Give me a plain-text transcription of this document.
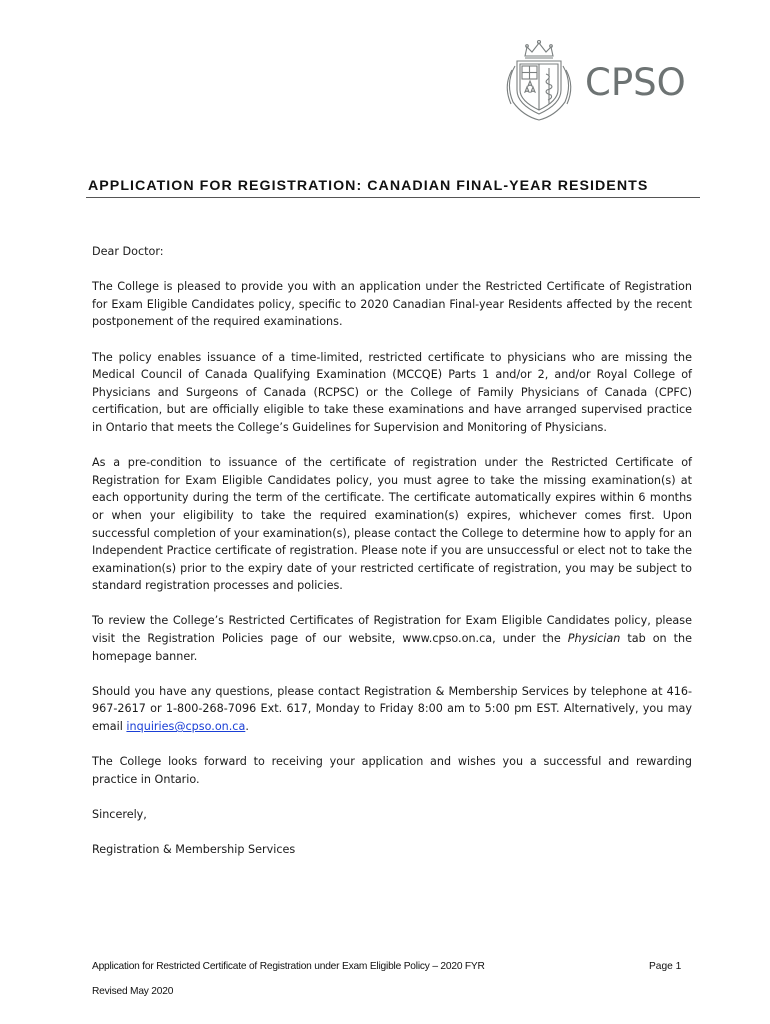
CPSO
APPLICATION FOR REGISTRATION: CANADIAN FINAL-YEAR RESIDENTS

Dear Doctor:

The College is pleased to provide you with an application under the Restricted Certificate of Registration for Exam Eligible Candidates policy, specific to 2020 Canadian Final-year Residents affected by the recent postponement of the required examinations.

The policy enables issuance of a time-limited, restricted certificate to physicians who are missing the Medical Council of Canada Qualifying Examination (MCCQE) Parts 1 and/or 2, and/or Royal College of Physicians and Surgeons of Canada (RCPSC) or the College of Family Physicians of Canada (CPFC) certification, but are officially eligible to take these examinations and have arranged supervised practice in Ontario that meets the College’s Guidelines for Supervision and Monitoring of Physicians.

As a pre-condition to issuance of the certificate of registration under the Restricted Certificate of Registration for Exam Eligible Candidates policy, you must agree to take the missing examination(s) at each opportunity during the term of the certificate. The certificate automatically expires within 6 months or when your eligibility to take the required examination(s) expires, whichever comes first. Upon successful completion of your examination(s), please contact the College to determine how to apply for an Independent Practice certificate of registration. Please note if you are unsuccessful or elect not to take the examination(s) prior to the expiry date of your restricted certificate of registration, you may be subject to standard registration processes and policies.

To review the College’s Restricted Certificates of Registration for Exam Eligible Candidates policy, please visit the Registration Policies page of our website, www.cpso.on.ca, under the Physician tab on the homepage banner.

Should you have any questions, please contact Registration & Membership Services by telephone at 416-967-2617 or 1-800-268-7096 Ext. 617, Monday to Friday 8:00 am to 5:00 pm EST. Alternatively, you may email inquiries@cpso.on.ca.

The College looks forward to receiving your application and wishes you a successful and rewarding practice in Ontario.

Sincerely,

Registration & Membership Services

Application for Restricted Certificate of Registration under Exam Eligible Policy – 2020 FYR	Page 1
Revised May 2020
